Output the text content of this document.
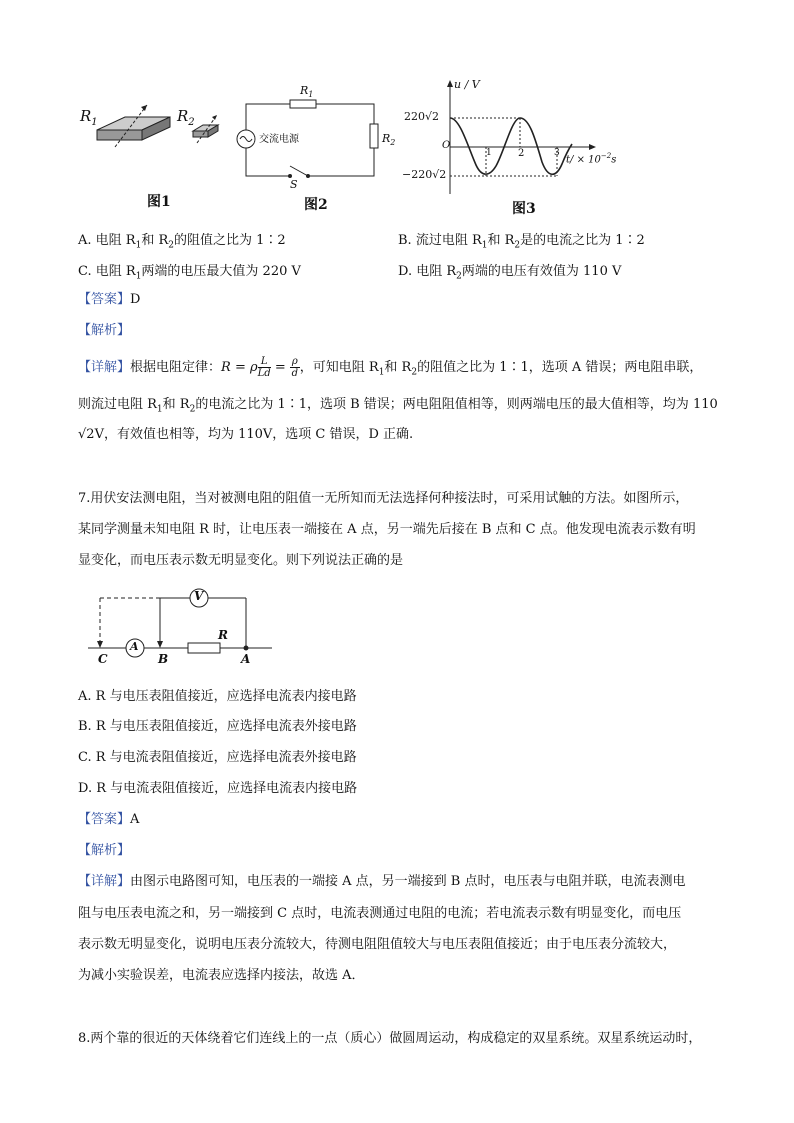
$R_1$	$R_2$
图1
交流电源
$R_1$
$R_2$
S
图2
u / V
220√2
−220√2
O
1	2	3
$t/ \times 10^{-2}s$
图3
A. 电阻 $R_1$和 $R_2$的阻值之比为 1∶2	B. 流过电阻 $R_1$和 $R_2$是的电流之比为 1∶2
C. 电阻 $R_1$两端的电压最大值为 220 V	D. 电阻 $R_2$两端的电压有效值为 110 V
【答案】D
【解析】
【详解】根据电阻定律：R = ρ $\frac{L}{Ld} = \frac{\rho}{d}$ ，可知电阻 $R_1$和 $R_2$的阻值之比为 1∶1，选项 A 错误；两电阻串联，
则流过电阻 $R_1$和 $R_2$的电流之比为 1∶1，选项 B 错误；两电阻阻值相等，则两端电压的最大值相等，均为 110
√2V，有效值也相等，均为 110V，选项 C 错误，D 正确.
7.用伏安法测电阻，当对被测电阻的阻值一无所知而无法选择何种接法时，可采用试触的方法。如图所示，
某同学测量未知电阻 R 时，让电压表一端接在 A 点，另一端先后接在 B 点和 C 点。他发现电流表示数有明
显变化，而电压表示数无明显变化。则下列说法正确的是
V
A
R
C	B	A
A. R 与电压表阻值接近，应选择电流表内接电路
B. R 与电压表阻值接近，应选择电流表外接电路
C. R 与电流表阻值接近，应选择电流表外接电路
D. R 与电流表阻值接近，应选择电流表内接电路
【答案】A
【解析】
【详解】由图示电路图可知，电压表的一端接 A 点，另一端接到 B 点时，电压表与电阻并联，电流表测电
阻与电压表电流之和，另一端接到 C 点时，电流表测通过电阻的电流；若电流表示数有明显变化，而电压
表示数无明显变化，说明电压表分流较大，待测电阻阻值较大与电压表阻值接近；由于电压表分流较大，
为减小实验误差，电流表应选择内接法，故选 A．
8.两个靠的很近的天体绕着它们连线上的一点（质心）做圆周运动，构成稳定的双星系统。双星系统运动时，
